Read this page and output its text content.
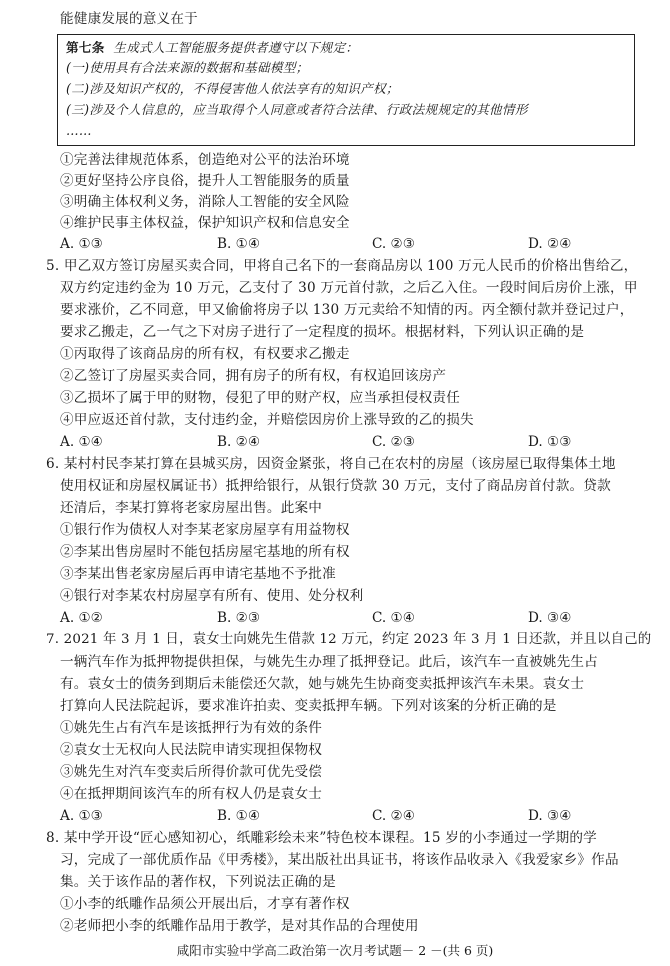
能健康发展的意义在于
第七条 生成式人工智能服务提供者遵守以下规定：
(一)使用具有合法来源的数据和基础模型；
(二)涉及知识产权的，不得侵害他人依法享有的知识产权；
(三)涉及个人信息的，应当取得个人同意或者符合法律、行政法规规定的其他情形
……
①完善法律规范体系，创造绝对公平的法治环境
②更好坚持公序良俗，提升人工智能服务的质量
③明确主体权利义务，消除人工智能的安全风险
④维护民事主体权益，保护知识产权和信息安全
A. ①③	B. ①④	C. ②③	D. ②④
5. 甲乙双方签订房屋买卖合同，甲将自己名下的一套商品房以 100 万元人民币的价格出售给乙，
双方约定违约金为 10 万元，乙支付了 30 万元首付款，之后乙入住。一段时间后房价上涨，甲
要求涨价，乙不同意，甲又偷偷将房子以 130 万元卖给不知情的丙。丙全额付款并登记过户，
要求乙搬走，乙一气之下对房子进行了一定程度的损坏。根据材料，下列认识正确的是
①丙取得了该商品房的所有权，有权要求乙搬走
②乙签订了房屋买卖合同，拥有房子的所有权，有权追回该房产
③乙损坏了属于甲的财物，侵犯了甲的财产权，应当承担侵权责任
④甲应返还首付款，支付违约金，并赔偿因房价上涨导致的乙的损失
A. ①④	B. ②④	C. ②③	D. ①③
6. 某村村民李某打算在县城买房，因资金紧张，将自己在农村的房屋（该房屋已取得集体土地
使用权证和房屋权属证书）抵押给银行，从银行贷款 30 万元，支付了商品房首付款。贷款
还清后，李某打算将老家房屋出售。此案中
①银行作为债权人对李某老家房屋享有用益物权
②李某出售房屋时不能包括房屋宅基地的所有权
③李某出售老家房屋后再申请宅基地不予批准
④银行对李某农村房屋享有所有、使用、处分权利
A. ①②	B. ②③	C. ①④	D. ③④
7. 2021 年 3 月 1 日，袁女士向姚先生借款 12 万元，约定 2023 年 3 月 1 日还款，并且以自己的
一辆汽车作为抵押物提供担保，与姚先生办理了抵押登记。此后，该汽车一直被姚先生占
有。袁女士的债务到期后未能偿还欠款，她与姚先生协商变卖抵押该汽车未果。袁女士
打算向人民法院起诉，要求准许拍卖、变卖抵押车辆。下列对该案的分析正确的是
①姚先生占有汽车是该抵押行为有效的条件
②袁女士无权向人民法院申请实现担保物权
③姚先生对汽车变卖后所得价款可优先受偿
④在抵押期间该汽车的所有权人仍是袁女士
A. ①③	B. ①④	C. ②④	D. ③④
8. 某中学开设“匠心感知初心，纸雕彩绘未来”特色校本课程。15 岁的小李通过一学期的学
习，完成了一部优质作品《甲秀楼》，某出版社出具证书，将该作品收录入《我爱家乡》作品
集。关于该作品的著作权，下列说法正确的是
①小李的纸雕作品须公开展出后，才享有著作权
②老师把小李的纸雕作品用于教学，是对其作品的合理使用
咸阳市实验中学高二政治第一次月考试题－ 2 －(共 6 页)
